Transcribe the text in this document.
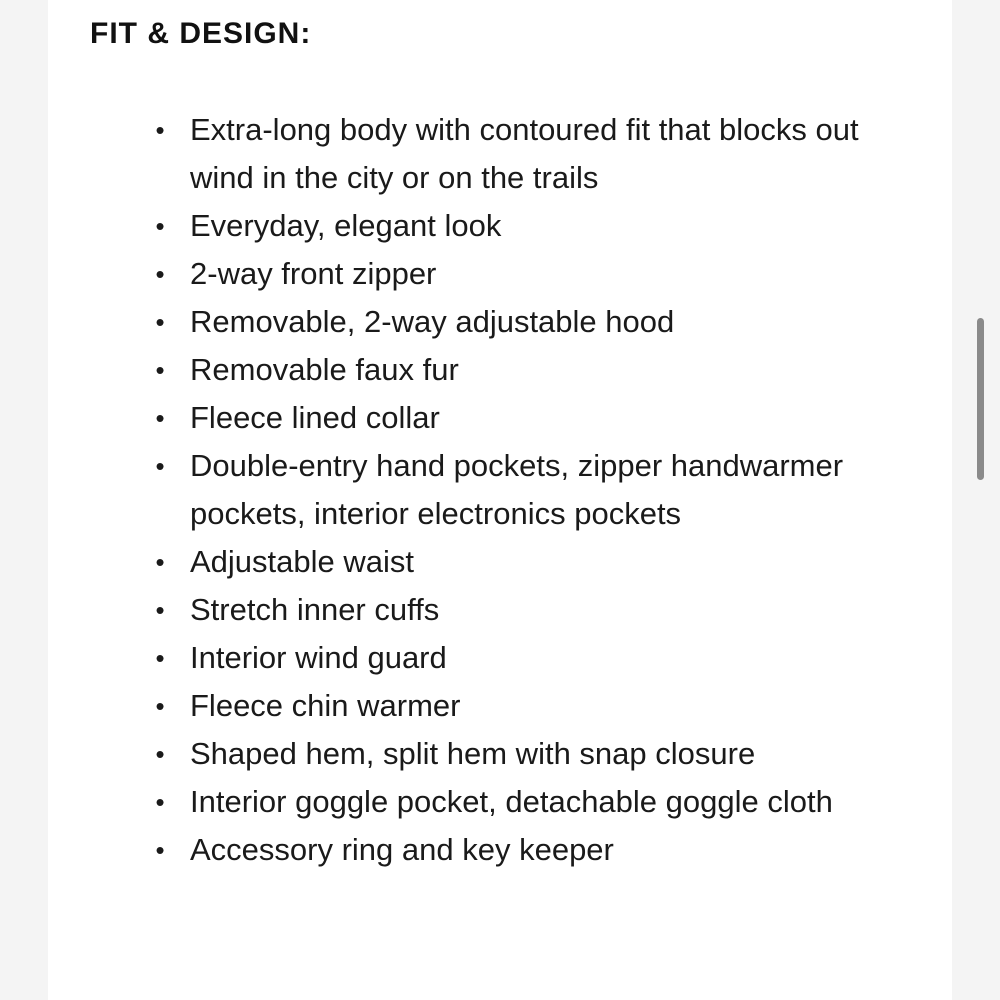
FIT & DESIGN:
• Extra-long body with contoured fit that blocks out wind in the city or on the trails
• Everyday, elegant look
• 2-way front zipper
• Removable, 2-way adjustable hood
• Removable faux fur
• Fleece lined collar
• Double-entry hand pockets, zipper handwarmer pockets, interior electronics pockets
• Adjustable waist
• Stretch inner cuffs
• Interior wind guard
• Fleece chin warmer
• Shaped hem, split hem with snap closure
• Interior goggle pocket, detachable goggle cloth
• Accessory ring and key keeper
